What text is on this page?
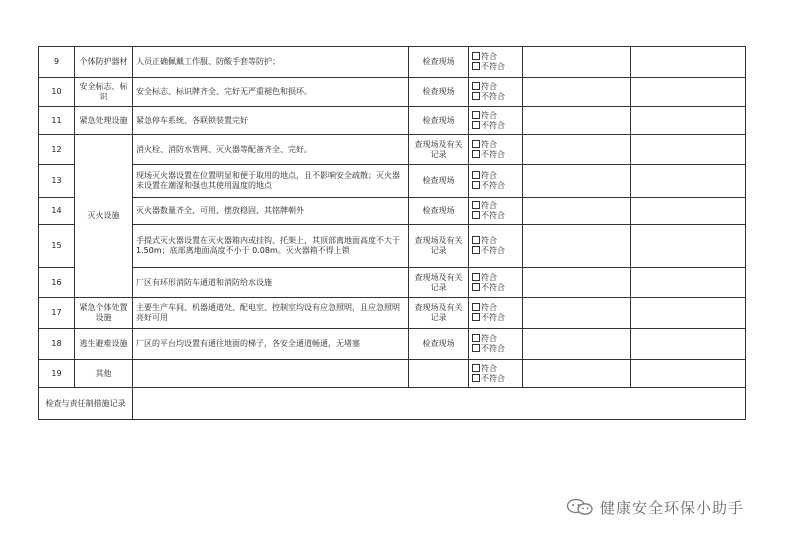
9	个体防护器材	人员正确佩戴工作服、防酸手套等防护；	检查现场	符合
不符合		

10	安全标志、标识	安全标志、标识牌齐全、完好无严重褪色和损坏。	检查现场	符合
不符合		

11	紧急处理设施	紧急停车系统、各联锁装置完好	检查现场	符合
不符合		

12	灭火设施	消火栓、消防水管网、灭火器等配备齐全、完好。	查现场及有关记录	符合
不符合		

13		现场灭火器设置在位置明显和便于取用的地点，且不影响安全疏散；灭火器未设置在潮湿和强也其使用温度的地点	检查现场	符合
不符合		

14		灭火器数量齐全，可用，摆放稳固，其铭牌朝外	检查现场	符合
不符合		

15		手提式灭火器设置在灭火器箱内或挂钩、托架上，其顶部离地面高度不大于 1.50m；底部离地面高度不小于 0.08m。灭火器箱不得上锁	查现场及有关记录	符合
不符合		

16		厂区有环形消防车通道和消防给水设施	查现场及有关记录	符合
不符合		

17	紧急个体处置设施	主要生产车间、机器通道处、配电室、控制室均设有应急照明，且应急照明亮好可用	查现场及有关记录	符合
不符合		

18	逃生避难设施	厂区的平台均设置有通往地面的梯子，各安全通道畅通，无堵塞	检查现场	符合
不符合		

19	其他			符合
不符合		

检查与责任制措施记录						
健康安全环保小助手
